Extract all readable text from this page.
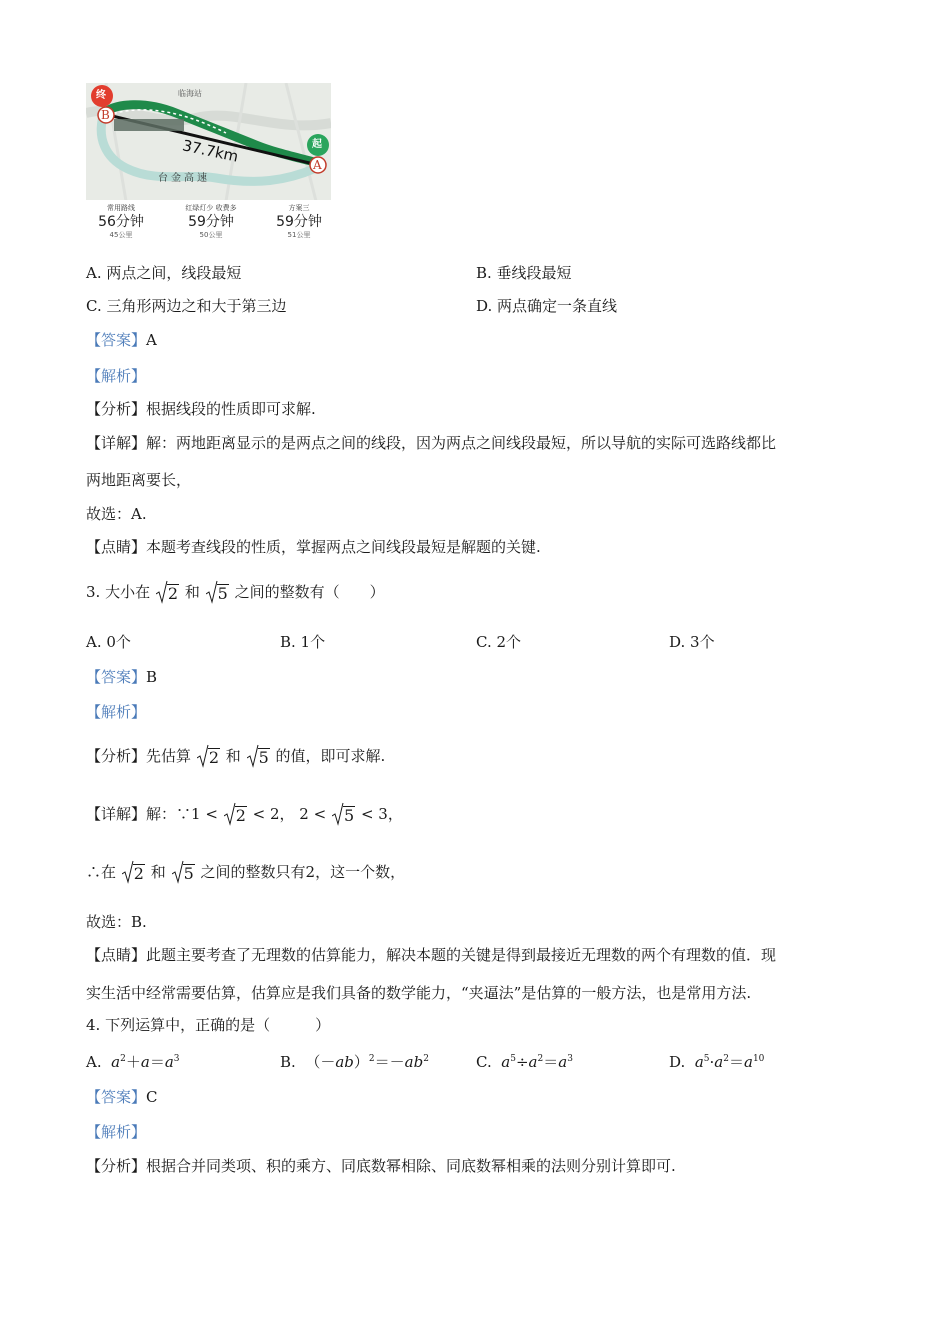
临海站
37.7km
台金高速
终
起
B
A
常用路线
56分钟
45公里
红绿灯少 收费多
59分钟
50公里
方案三
59分钟
51公里
A. 两点之间，线段最短	B. 垂线段最短
C. 三角形两边之和大于第三边	D. 两点确定一条直线
【答案】A
【解析】
【分析】根据线段的性质即可求解.
【详解】解：两地距离显示的是两点之间的线段，因为两点之间线段最短，所以导航的实际可选路线都比
两地距离要长，
故选：A.
【点睛】本题考查线段的性质，掌握两点之间线段最短是解题的关键.
3. 大小在 2 和 5 之间的整数有（　　）
A. 0个	B. 1个	C. 2个	D. 3个
【答案】B
【解析】
【分析】先估算 2 和 5 的值，即可求解.
【详解】解：∵1 < 2 < 2， 2 < 5 < 3，
∴在 2 和 5 之间的整数只有2，这一个数，
故选：B.
【点睛】此题主要考查了无理数的估算能力，解决本题的关键是得到最接近无理数的两个有理数的值．现
实生活中经常需要估算，估算应是我们具备的数学能力，“夹逼法”是估算的一般方法，也是常用方法.
4. 下列运算中，正确的是（　　　）
A. $a^2+a=a^3$	B.  $(-ab)^2=-ab^2$	C. $a^5\div a^2=a^3$	D. $a^5\cdot a^2=a^{10}$
【答案】C
【解析】
【分析】根据合并同类项、积的乘方、同底数幂相除、同底数幂相乘的法则分别计算即可.
